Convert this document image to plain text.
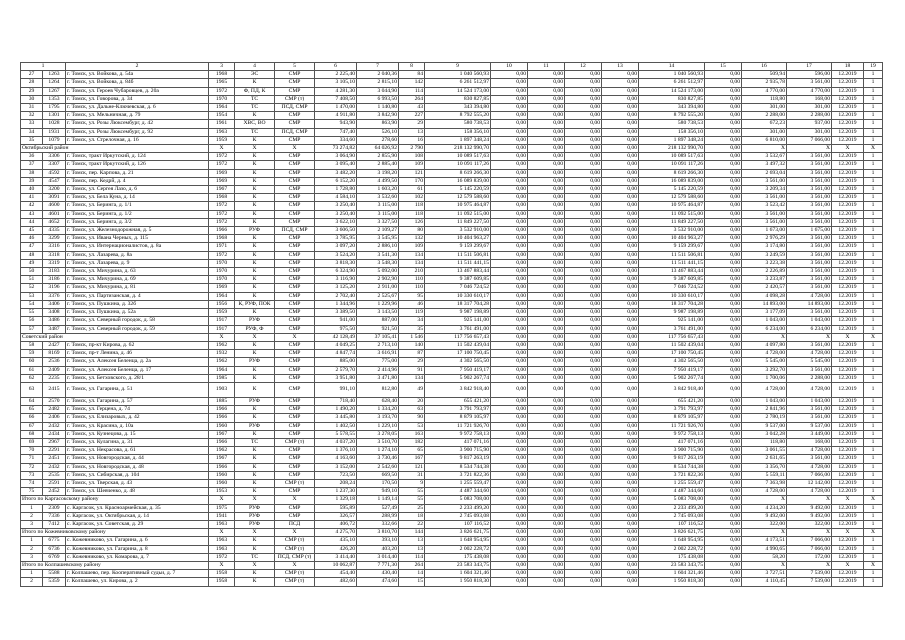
1		2	3	4	5	6	7	8	9	10	11	12	13	14	15	16	17	18	19
27	1263	г. Томск, ул. Войкова, д. 54а	1968	ЭС	СМР	2 225,40	2 040,36	84	1 040 560,93	0,00	0,00	0,00	0,00	1 040 560,93	0,00	509,94	596,00	12.2019	1
28	1264	г. Томск, ул. Войкова, д. 84б	1965	К	СМР	3 105,10	2 815,10	142	6 261 512,97	0,00	0,00	0,00	0,00	6 261 512,97	0,00	2 935,78	3 561,00	12.2019	1
29	1267	г. Томск, ул. Героев Чубаровцев, д. 20а	1972	Ф, ПД, К	СМР	4 281,30	3 044,90	114	14 524 173,00	0,00	0,00	0,00	0,00	14 524 173,00	0,00	4 770,00	4 770,00	12.2019	1
30	1353	г. Томск, ул. Говорова, д. 34	1970	ТС	СМР (т)	7 408,50	6 993,50	264	830 827,85	0,00	0,00	0,00	0,00	830 827,85	0,00	118,80	168,00	12.2019	1
31	1795	г. Томск, ул. Дальне-Ключевская, д. 6	1964	ТС	ПСД, СМР	1 470,00	1 140,80	43	343 394,80	0,00	0,00	0,00	0,00	343 394,80	0,00	301,00	301,00	12.2019	1
32	1301	г. Томск, ул. Мельничная, д. 79	1954	К	СМР	4 911,80	3 842,90	227	8 792 555,20	0,00	0,00	0,00	0,00	8 792 555,20	0,00	2 288,00	2 288,00	12.2019	1
33	1028	г. Томск, ул. Розы Люксембург, д. 42	1961	ХВС, ВО	СМР	943,90	863,90	29	580 738,53	0,00	0,00	0,00	0,00	580 738,53	0,00	672,23	937,00	12.2019	1
34	1931	г. Томск, ул. Розы Люксембург, д. 92	1963	ТС	ПСД, СМР	747,40	526,10	13	158 356,10	0,00	0,00	0,00	0,00	158 356,10	0,00	301,00	301,00	12.2019	1
35	1079	г. Томск, ул. Стрелочная, д. 16	1959	К	СМР	334,60	278,60	16	1 897 348,24	0,00	0,00	0,00	0,00	1 897 348,24	0,00	6 810,00	7 066,00	12.2019	1
Октябрьский район			Х	Х	Х	73 274,82	64 026,92	2 790	218 132 990,70	0,00	0,00	0,00	0,00	218 132 990,70	0,00	Х	Х	Х	Х
36	3306	г. Томск, тракт Иркутский, д. 124	1972	К	СМР	3 064,90	2 855,90	108	10 089 517,63	0,00	0,00	0,00	0,00	10 089 517,63	0,00	3 532,67	3 561,00	12.2019	1
37	3307	г. Томск, тракт Иркутский, д. 126	1972	К	СМР	3 095,40	2 885,40	109	10 091 117,26	0,00	0,00	0,00	0,00	10 091 117,26	0,00	3 497,32	3 561,00	12.2019	1
38	4592	г. Томск, пер. Карпова, д. 21	1969	К	СМР	3 482,20	3 198,20	121	8 619 266,30	0,00	0,00	0,00	0,00	8 619 266,30	0,00	2 693,04	3 561,00	12.2019	1
39	4547	г. Томск, пер. Кедрй, д. 4	1969	К	СМР	6 152,20	4 499,50	170	16 089 839,00	0,00	0,00	0,00	0,00	16 089 839,00	0,00	3 561,00	3 561,00	12.2019	1
40	3200	г. Томск, ул. Сергея Лазо, д. 6	1967	К	СМР	1 728,80	1 603,20	61	5 145 220,59	0,00	0,00	0,00	0,00	5 145 220,59	0,00	3 209,34	3 561,00	12.2019	1
41	3091	г. Томск, ул. Бела Куна, д. 14	1968	К	СМР	4 584,10	3 532,60	102	12 579 588,60	0,00	0,00	0,00	0,00	12 579 588,60	0,00	3 561,00	3 561,00	12.2019	1
42	4600	г. Томск, ул. Беринга, д. 1/1	1972	К	СМР	3 250,40	3 115,00	118	10 975 464,87	0,00	0,00	0,00	0,00	10 975 464,87	0,00	3 523,42	3 561,00	12.2019	1
43	4601	г. Томск, ул. Беринга, д. 1/2	1972	К	СМР	3 250,40	3 115,00	118	11 092 515,00	0,00	0,00	0,00	0,00	11 092 515,00	0,00	3 561,00	3 561,00	12.2019	1
44	4652	г. Томск, ул. Беринга, д. 3/2	1972	К	СМР	3 622,10	3 327,50	126	11 849 227,50	0,00	0,00	0,00	0,00	11 849 227,50	0,00	3 561,00	3 561,00	12.2019	1
45	4335	г. Томск, ул. Железнодорожная, д. 5	1966	РУФ	ПСД, СМР	3 606,50	2 109,27	80	3 532 910,00	0,00	0,00	0,00	0,00	3 532 910,00	0,00	1 673,00	1 675,00	12.2019	1
46	3299	г. Томск, ул. Ивана Черных, д. 115	1968	К	СМР	3 785,95	3 545,95	132	10 404 963,27	0,00	0,00	0,00	0,00	10 404 963,27	0,00	2 976,29	3 561,00	12.2019	1
47	3316	г. Томск, ул. Интернационалистов, д. 8а	1971	К	СМР	3 097,20	2 886,10	109	9 159 299,67	0,00	0,00	0,00	0,00	9 159 299,67	0,00	3 174,80	3 561,00	12.2019	1
48	3318	г. Томск, ул. Лазарева, д. 8а	1972	К	СМР	3 524,20	3 541,30	134	11 511 506,81	0,00	0,00	0,00	0,00	11 511 506,81	0,00	3 249,59	3 561,00	12.2019	1
49	3319	г. Томск, ул. Лазарева, д. 9	1970	К	СМР	3 818,30	3 548,30	134	11 511 441,15	0,00	0,00	0,00	0,00	11 511 441,15	0,00	3 223,38	3 561,00	12.2019	1
50	3183	г. Томск, ул. Мичурина, д. 63	1970	К	СМР	6 324,90	5 092,00	210	13 467 883,44	0,00	0,00	0,00	0,00	13 467 883,44	0,00	2 226,89	3 561,00	12.2019	1
51	3186	г. Томск, ул. Мичурина, д. 69	1970	К	СМР	3 116,90	2 902,90	110	9 387 609,85	0,00	0,00	0,00	0,00	9 387 609,85	0,00	3 233,87	3 561,00	12.2019	1
52	3196	г. Томск, ул. Мичурина, д. 81	1969	К	СМР	3 125,20	2 911,00	110	7 046 724,52	0,00	0,00	0,00	0,00	7 046 724,52	0,00	2 420,57	3 561,00	12.2019	1
53	3376	г. Томск, ул. Партизанская, д. 4	1964	К	СМР	2 702,40	2 525,67	95	10 330 610,17	0,00	0,00	0,00	0,00	10 330 610,17	0,00	4 098,28	4 728,00	12.2019	1
54	3406	г. Томск, ул. Пушкина, д. 32б	1956	К, РУФ, ПОК	СМР	1 344,96	1 229,96	46	18 317 704,28	0,00	0,00	0,00	0,00	18 317 704,28	0,00	14 893,00	14 893,00	12.2019	1
55	3408	г. Томск, ул. Пушкина, д. 52а	1959	К	СМР	3 389,50	3 143,50	119	9 987 198,89	0,00	0,00	0,00	0,00	9 987 198,89	0,00	3 177,09	3 561,00	12.2019	1
56	3486	г. Томск, ул. Северный городок, д. 58	1917	РУФ	СМР	941,00	887,00	34	925 141,00	0,00	0,00	0,00	0,00	925 141,00	0,00	1 043,00	1 043,00	12.2019	1
57	3487	г. Томск, ул. Северный городок, д. 59	1917	РУФ, Ф	СМР	975,50	921,50	35	3 761 491,00	0,00	0,00	0,00	0,00	3 761 491,00	0,00	6 234,00	6 234,00	12.2019	1
Советский район			Х	Х	Х	42 128,49	37 105,41	1 546	117 756 657,43	0,00	0,00	0,00	0,00	117 756 657,43	0,00	Х	Х	Х	Х
58	2427	г. Томск, пр-кт Кирова, д. 62	1962	К	СМР	4 049,25	2 713,10	140	11 502 439,04	0,00	0,00	0,00	0,00	11 502 439,04	0,00	4 097,80	3 561,00	12.2019	1
59	8169	г. Томск, пр-т Ленина, д. 46	1932	К	СМР	4 847,74	3 616,91	87	17 100 750,45	0,00	0,00	0,00	0,00	17 100 750,45	0,00	4 728,00	4 728,00	12.2019	1
60	2536	г. Томск, ул. Алексея Беленца, д. 2а	1962	РУФ	СМР	885,00	775,00	29	4 302 565,50	0,00	0,00	0,00	0,00	4 302 565,50	0,00	5 545,00	5 545,00	12.2019	1
61	2409	г. Томск, ул. Алексея Беленца, д. 17	1964	К	СМР	2 579,70	2 414,96	91	7 950 419,17	0,00	0,00	0,00	0,00	7 950 419,17	0,00	3 292,70	3 561,00	12.2019	1
62	2235	г. Томск, ул. Бетховского, д. 28/1	1985	К	СМР	3 951,80	3 471,80	134	5 902 267,74	0,00	0,00	0,00	0,00	5 902 267,74	0,00	1 700,06	2 288,00	12.2019	1
63	2415	г. Томск, ул. Гагарина, д. 51	1903	К	СМР	991,10	812,80	49	3 842 918,40	0,00	0,00	0,00	0,00	3 842 918,40	0,00	4 728,00	4 728,00	12.2019	1
64	2570	г. Томск, ул. Гагарина, д. 57	1885	РУФ	СМР	718,40	628,40	20	655 421,20	0,00	0,00	0,00	0,00	655 421,20	0,00	1 043,00	1 043,00	12.2019	1
65	2482	г. Томск, ул. Герцена, д. 74	1966	К	СМР	1 490,20	1 334,20	63	3 791 793,97	0,00	0,00	0,00	0,00	3 791 793,97	0,00	2 841,96	3 561,00	12.2019	1
66	2406	г. Томск, ул. Елизаровых, д. 42	1966	К	СМР	3 445,80	3 193,70	90	8 879 105,97	0,00	0,00	0,00	0,00	8 879 105,97	0,00	2 780,19	3 561,00	12.2019	1
67	2432	г. Томск, ул. Красина, д. 10а	1960	РУФ	СМР	1 402,50	1 229,10	53	11 721 926,70	0,00	0,00	0,00	0,00	11 721 926,70	0,00	9 537,00	9 537,00	12.2019	1
68	2434	г. Томск, ул. Кузнецова, д. 15	1967	К	СМР	5 578,55	3 278,05	163	9 972 758,13	0,00	0,00	0,00	0,00	9 972 758,13	0,00	3 042,28	3 449,00	12.2019	1
69	2967	г. Томск, ул. Кулагина, д. 31	1966	ТС	СМР (т)	4 037,20	3 510,70	182	417 071,16	0,00	0,00	0,00	0,00	417 071,16	0,00	118,80	168,00	12.2019	1
70	2291	г. Томск, ул. Некрасова, д. 61	1962	К	СМР	1 376,10	1 274,10	65	3 900 715,90	0,00	0,00	0,00	0,00	3 900 715,90	0,00	3 061,55	4 728,00	12.2019	1
71	2451	г. Томск, ул. Новгородская, д. 44	1967	К	СМР	4 163,60	3 730,46	167	9 817 263,19	0,00	0,00	0,00	0,00	9 817 263,19	0,00	2 631,65	3 561,00	12.2019	1
72	2432	г. Томск, ул. Новгородская, д. 48	1966	К	СМР	3 152,00	2 542,60	121	8 534 744,38	0,00	0,00	0,00	0,00	8 534 744,38	0,00	3 356,70	4 728,00	12.2019	1
73	2535	г. Томск, ул. Сибирская, д. 104	1960	К	СМР	723,50	669,50	31	3 721 822,36	0,00	0,00	0,00	0,00	3 721 822,36	0,00	5 559,11	7 066,00	12.2019	1
74	2591	г. Томск, ул. Тверская, д. 43	1960	К	СМР (т)	208,24	170,50	9	1 255 559,47	0,00	0,00	0,00	0,00	1 255 559,47	0,00	7 363,98	12 142,00	12.2019	1
75	2452	г. Томск, ул. Шевченко, д. 48	1953	К	СМР	1 237,30	949,10	55	4 487 344,60	0,00	0,00	0,00	0,00	4 487 344,60	0,00	4 728,00	4 728,00	12.2019	1
Итого по Каргасокскому району			Х	Х	Х	1 329,18	1 149,14	55	5 083 708,00	0,00	0,00	0,00	0,00	5 083 708,00	0,00	Х	Х	Х	Х
1	2309	с. Каргасок, ул. Красноармейская, д. 35	1975	РУФ	СМР	595,89	527,49	25	2 233 499,20	0,00	0,00	0,00	0,00	2 233 499,20	0,00	4 234,20	9 492,00	12.2019	1
2	7336	с. Каргасок, ул. Октябрьская, д. 14	1941	РУФ	СМР	326,57	288,99	18	2 745 093,08	0,00	0,00	0,00	0,00	2 745 093,08	0,00	9 492,00	9 492,00	12.2019	1
3	7412	с. Каргасок, ул. Советская, д. 29	1963	РУФ	ПСД	406,72	332,66	22	107 116,52	0,00	0,00	0,00	0,00	107 116,52	0,00	322,00	322,00	12.2019	1
Итого по Кожевниковскому району			Х	Х	Х	4 275,70	3 810,70	144	3 826 621,75	0,00	0,00	0,00	0,00	3 826 621,75	0,00	Х	Х	Х	Х
1	6775	с. Кожевниково, ул. Гагарина, д. 6	1963	К	СМР (т)	435,10	393,10	13	1 648 954,95	0,00	0,00	0,00	0,00	1 648 954,95	0,00	4 173,51	7 066,00	12.2019	1
2	6736	с. Кожевниково, ул. Гагарина, д. 8	1963	К	СМР (т)	426,20	403,20	13	2 002 228,72	0,00	0,00	0,00	0,00	2 002 228,72	0,00	4 990,65	7 066,00	12.2019	1
3	6769	с. Кожевниково, ул. Комарова, д. 7	1972	ТС	ПСД, СМР (т)	3 414,40	3 014,40	114	175 438,08	0,00	0,00	0,00	0,00	175 438,08	0,00	58,20	172,00	12.2019	1
Итого по Колпашевскому району			Х	Х	Х	10 062,87	7 771,30	264	23 583 343,75	0,00	0,00	0,00	0,00	23 583 343,75	0,00	Х	Х	Х	Х
1	5588	г. Колпашево, пер. Кооперативный судьи, д. 7	1958	К	СМР (т)	454,40	430,40	14	1 604 321,46	0,00	0,00	0,00	0,00	1 604 321,46	0,00	3 727,51	7 539,00	12.2019	1
2	5359	г. Колпашево, ул. Кирова, д. 2	1958	К	СМР (т)	482,60	474,60	15	1 950 818,30	0,00	0,00	0,00	0,00	1 950 818,30	0,00	4 110,45	7 539,00	12.2019	1
